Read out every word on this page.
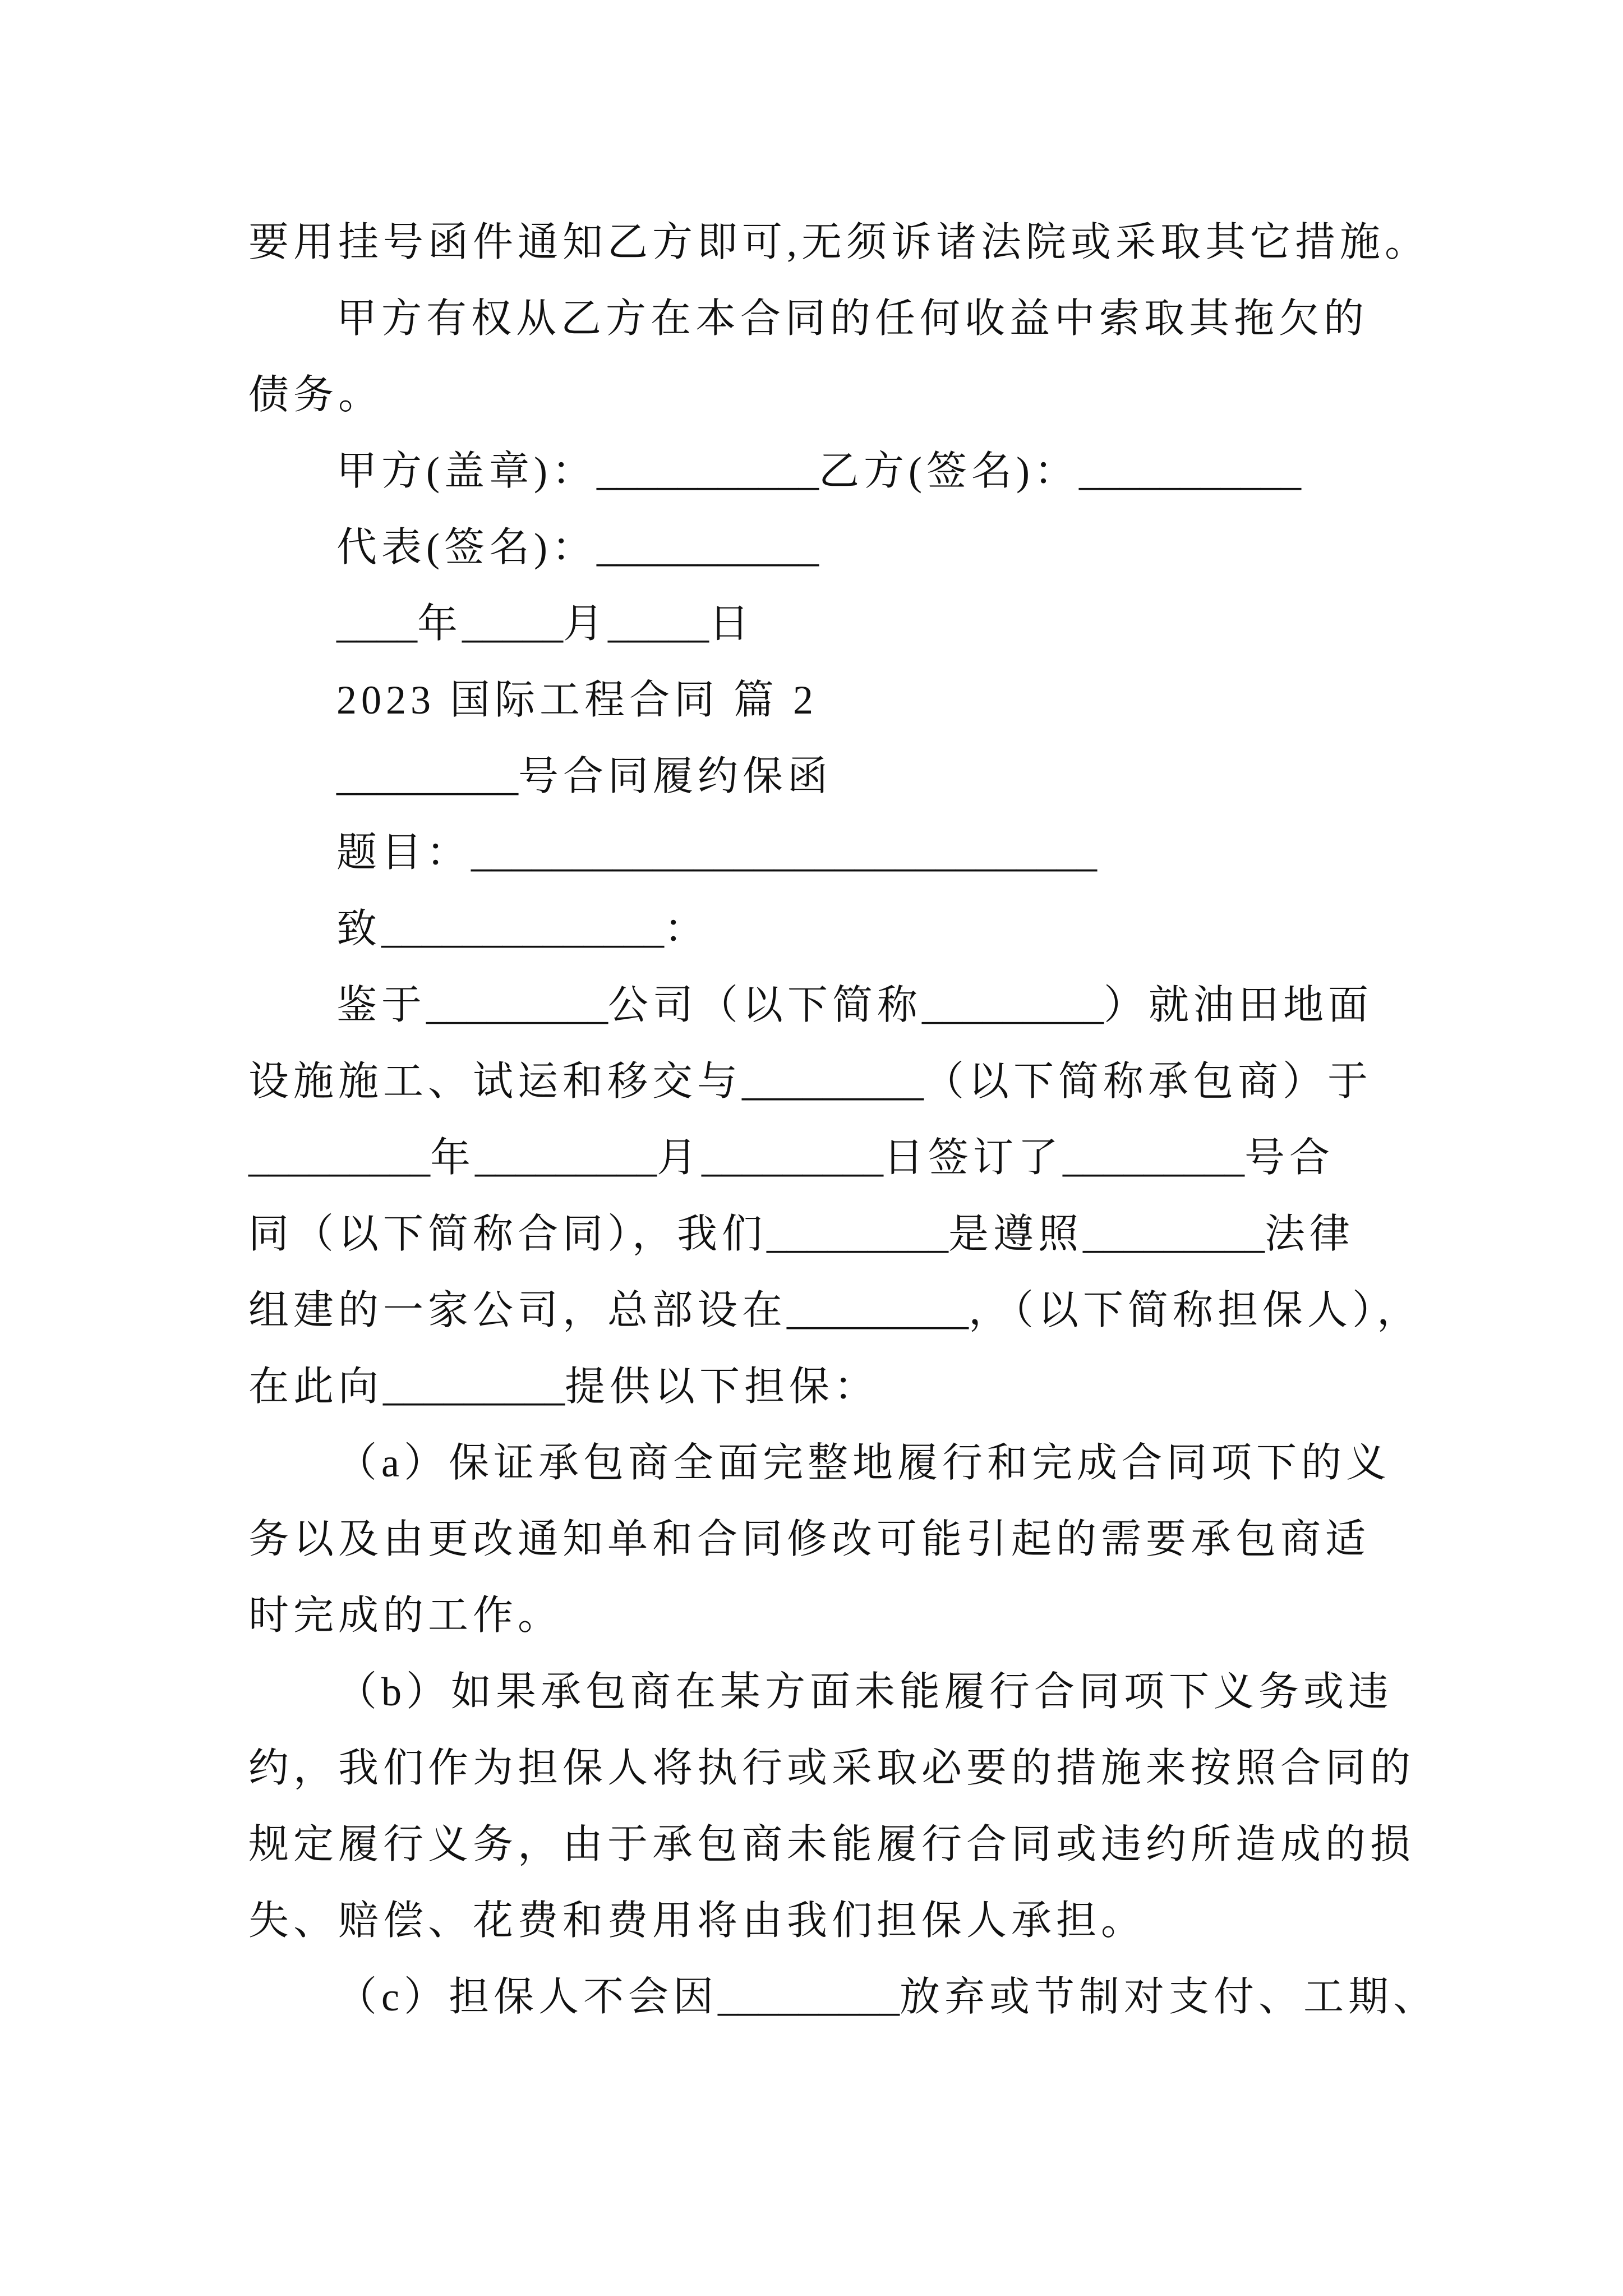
要用挂号函件通知乙方即可,无须诉诸法院或采取其它措施。
甲方有权从乙方在本合同的任何收益中索取其拖欠的
债务。
甲方(盖章)：___________乙方(签名)：___________
代表(签名)：___________
____年_____月_____日
2023 国际工程合同 篇 2
_________号合同履约保函
题目：_______________________________
致______________：
鉴于_________公司（以下简称_________）就油田地面
设施施工、试运和移交与_________（以下简称承包商）于
_________年_________月_________日签订了_________号合
同（以下简称合同），我们_________是遵照_________法律
组建的一家公司，总部设在_________，（以下简称担保人），
在此向_________提供以下担保：
（a）保证承包商全面完整地履行和完成合同项下的义
务以及由更改通知单和合同修改可能引起的需要承包商适
时完成的工作。
（b）如果承包商在某方面未能履行合同项下义务或违
约，我们作为担保人将执行或采取必要的措施来按照合同的
规定履行义务，由于承包商未能履行合同或违约所造成的损
失、赔偿、花费和费用将由我们担保人承担。
（c）担保人不会因_________放弃或节制对支付、工期、
